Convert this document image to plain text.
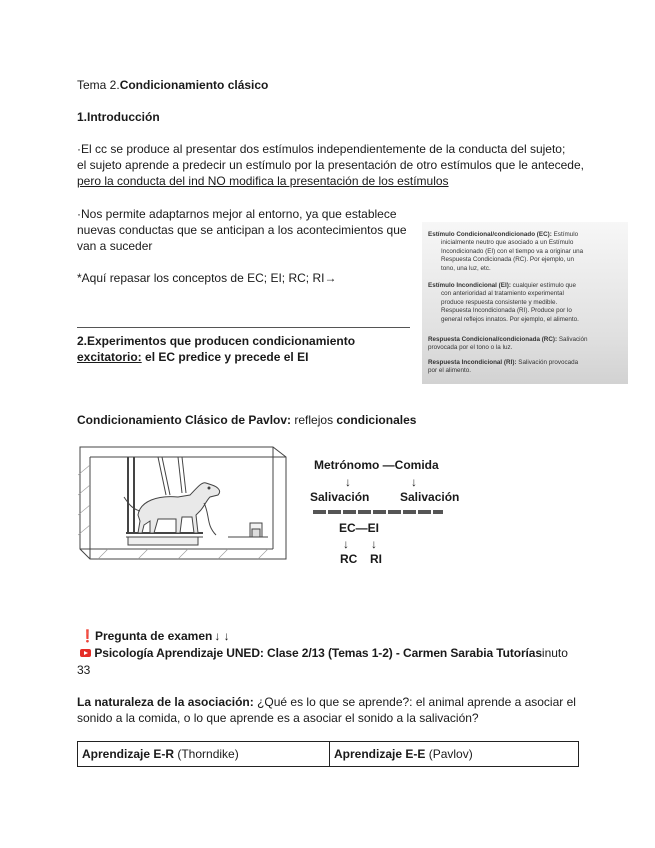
Tema 2.Condicionamiento clásico
1.Introducción
·El cc se produce al presentar dos estímulos independientemente de la conducta del sujeto;
el sujeto aprende a predecir un estímulo por la presentación de otro estímulos que le antecede,
pero la conducta del ind NO modifica la presentación de los estímulos
·Nos permite adaptarnos mejor al entorno, ya que establece
nuevas conductas que se anticipan a los acontecimientos que
van a suceder
*Aquí repasar los conceptos de EC; EI; RC; RI→

Estímulo Condicional/condicionado (EC): Estímulo

inicialmente neutro que asociado a un Estímulo

Incondicionado (EI) con el tiempo va a originar una

Respuesta Condicionada (RC). Por ejemplo, un

tono, una luz, etc.

Estímulo Incondicional (EI): cualquier estímulo que

con anterioridad al tratamiento experimental

produce respuesta consistente y medible.

Respuesta Incondicionada (RI). Produce por lo

general reflejos innatos. Por ejemplo, el alimento.

Respuesta Condicional/condicionada (RC): Salivación

provocada por el tono o la luz.

Respuesta Incondicional (RI): Salivación provocada

por el alimento.

2.Experimentos que producen condicionamiento
excitatorio: el EC predice y precede el EI
Condicionamiento Clásico de Pavlov: reflejos condicionales
Metrónomo —Comida
↓	↓
Salivación	Salivación
EC—EI
↓ ↓
RC RI
❗Pregunta de examen ↓ ↓
Psicología Aprendizaje UNED: Clase 2/13 (Temas 1-2) - Carmen Sarabia Tutoríasinuto
33
La naturaleza de la asociación: ¿Qué es lo que se aprende?: el animal aprende a asociar el
sonido a la comida, o lo que aprende es a asociar el sonido a la salivación?
Aprendizaje E-R (Thorndike)	Aprendizaje E-E (Pavlov)
